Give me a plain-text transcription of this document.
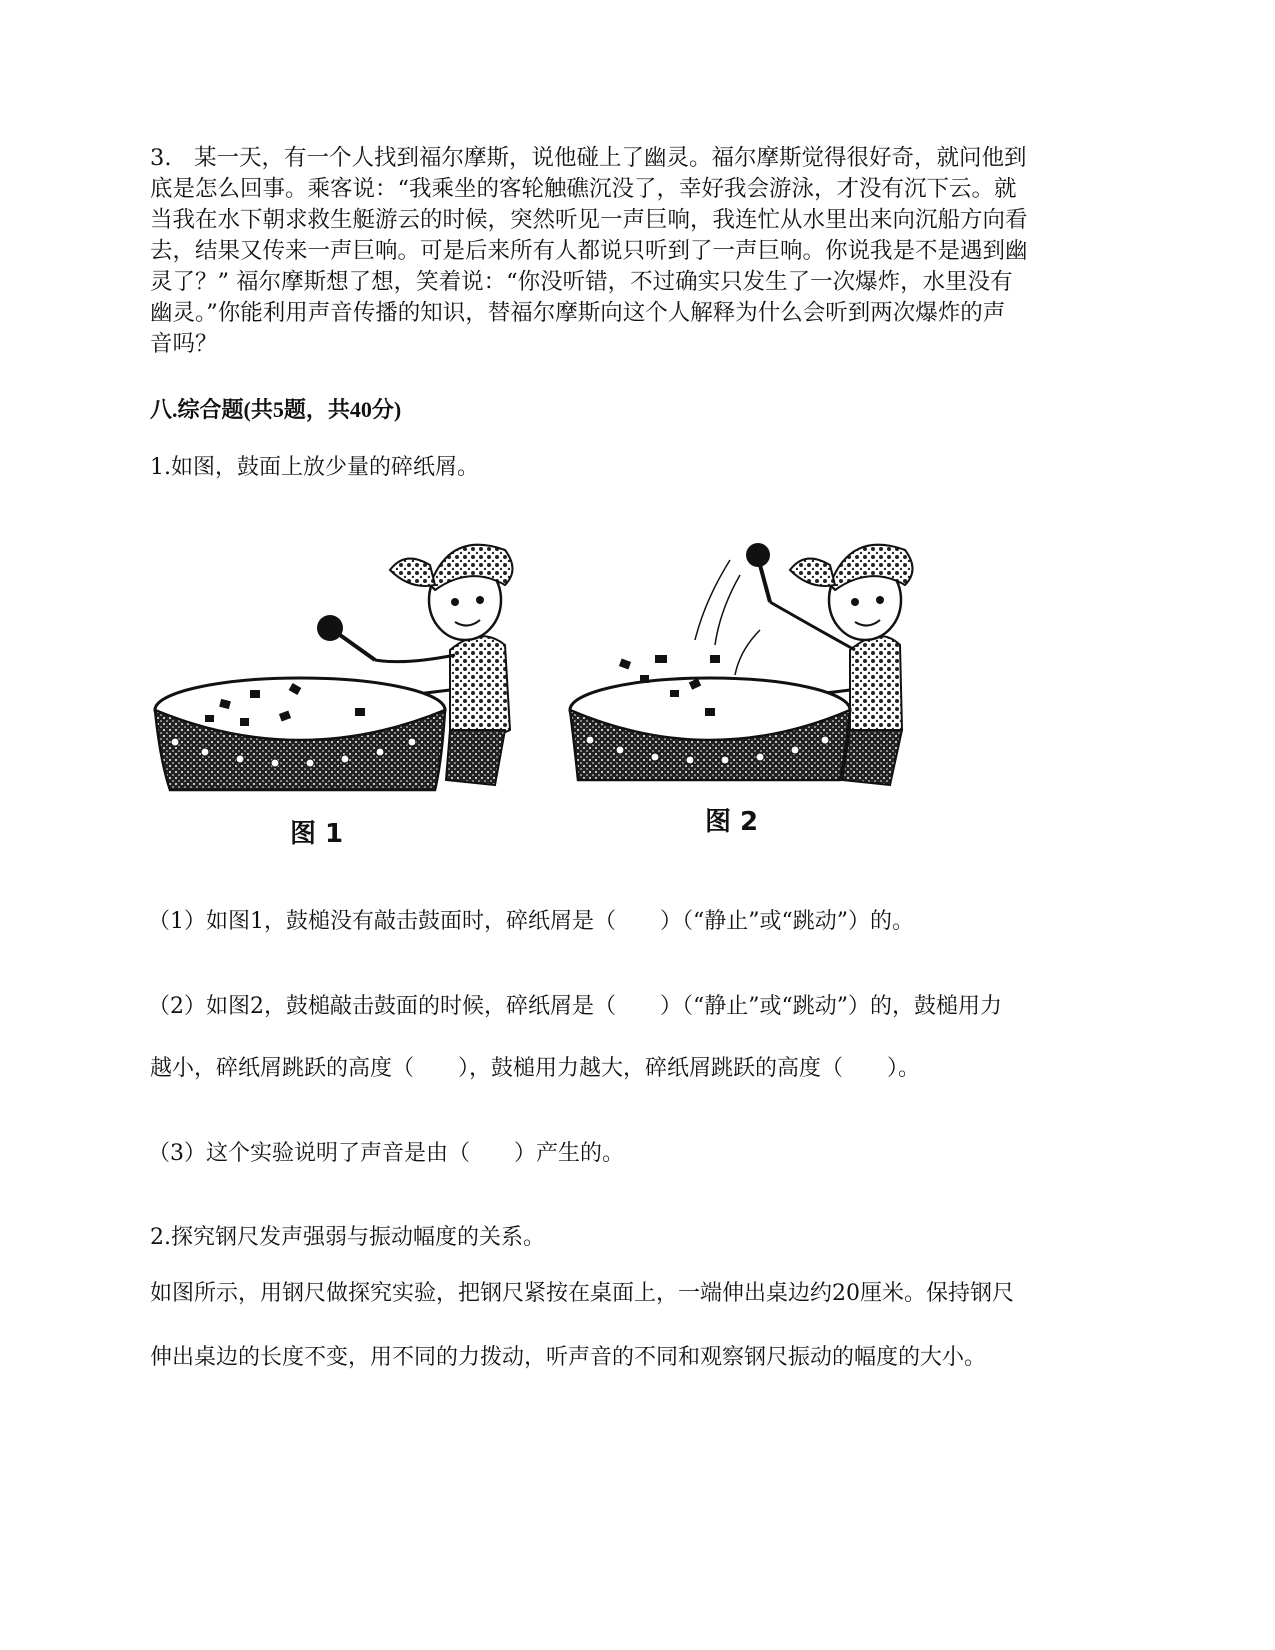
3.　某一天，有一个人找到福尔摩斯，说他碰上了幽灵。福尔摩斯觉得很好奇，就问他到
底是怎么回事。乘客说：“我乘坐的客轮触礁沉没了，幸好我会游泳，才没有沉下云。就
当我在水下朝求救生艇游云的时候，突然听见一声巨响，我连忙从水里出来向沉船方向看
去，结果又传来一声巨响。可是后来所有人都说只听到了一声巨响。你说我是不是遇到幽
灵了？” 福尔摩斯想了想，笑着说：“你没听错，不过确实只发生了一次爆炸，水里没有
幽灵。”你能利用声音传播的知识，替福尔摩斯向这个人解释为什么会听到两次爆炸的声
音吗？
八.综合题(共5题，共40分)
1.如图，鼓面上放少量的碎纸屑。
图 1	图 2
（1）如图1，鼓槌没有敲击鼓面时，碎纸屑是（　　）（“静止”或“跳动”）的。
（2）如图2，鼓槌敲击鼓面的时候，碎纸屑是（　　）（“静止”或“跳动”）的，鼓槌用力
越小，碎纸屑跳跃的高度（　　），鼓槌用力越大，碎纸屑跳跃的高度（　　）。
（3）这个实验说明了声音是由（　　）产生的。
2.探究钢尺发声强弱与振动幅度的关系。
如图所示，用钢尺做探究实验，把钢尺紧按在桌面上，一端伸出桌边约20厘米。保持钢尺
伸出桌边的长度不变，用不同的力拨动，听声音的不同和观察钢尺振动的幅度的大小。
